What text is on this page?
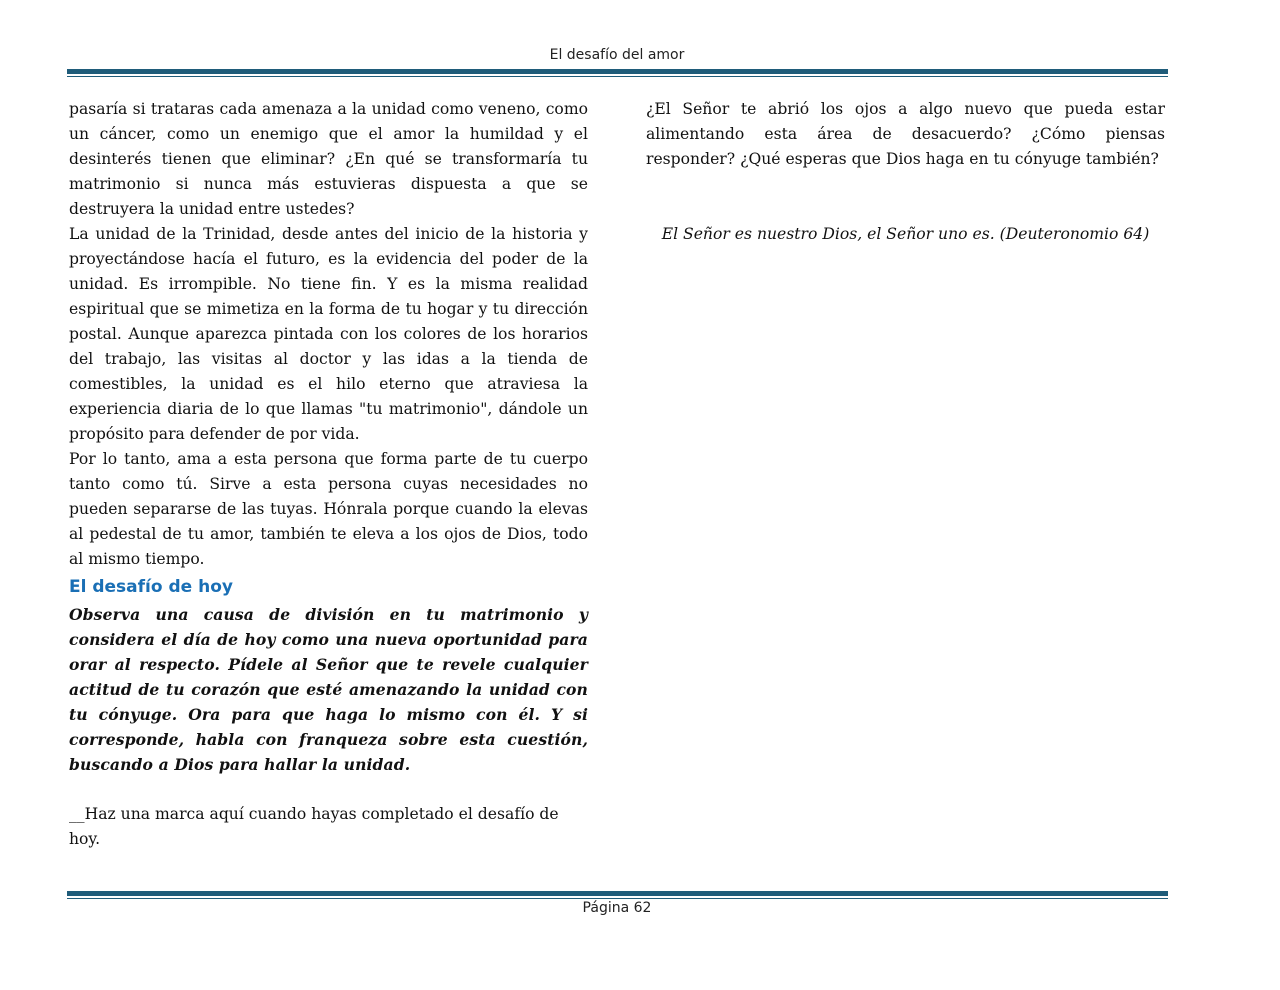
El desafío del amor

pasaría si trataras cada amenaza a la unidad como veneno, como un cáncer, como un enemigo que el amor la humildad y el desinterés tienen que eliminar? ¿En qué se transformaría tu matrimonio si nunca más estuvieras dispuesta a que se destruyera la unidad entre ustedes?

La unidad de la Trinidad, desde antes del inicio de la historia y proyectándose hacía el futuro, es la evidencia del poder de la unidad. Es irrompible. No tiene fin. Y es la misma realidad espiritual que se mimetiza en la forma de tu hogar y tu dirección postal. Aunque aparezca pintada con los colores de los horarios del trabajo, las visitas al doctor y las idas a la tienda de comestibles, la unidad es el hilo eterno que atraviesa la experiencia diaria de lo que llamas "tu matrimonio", dándole un propósito para defender de por vida.

Por lo tanto, ama a esta persona que forma parte de tu cuerpo tanto como tú. Sirve a esta persona cuyas necesidades no pueden separarse de las tuyas. Hónrala porque cuando la elevas al pedestal de tu amor, también te eleva a los ojos de Dios, todo al mismo tiempo.

El desafío de hoy

Observa una causa de división en tu matrimonio y considera el día de hoy como una nueva oportunidad para orar al respecto. Pídele al Señor que te revele cualquier actitud de tu corazón que esté amenazando la unidad con tu cónyuge. Ora para que haga lo mismo con él. Y si corresponde, habla con franqueza sobre esta cuestión, buscando a Dios para hallar la unidad.

__Haz una marca aquí cuando hayas completado el desafío de hoy.

¿El Señor te abrió los ojos a algo nuevo que pueda estar alimentando esta área de desacuerdo? ¿Cómo piensas responder? ¿Qué esperas que Dios haga en tu cónyuge también?

El Señor es nuestro Dios, el Señor uno es. (Deuteronomio 64)

Página 62
